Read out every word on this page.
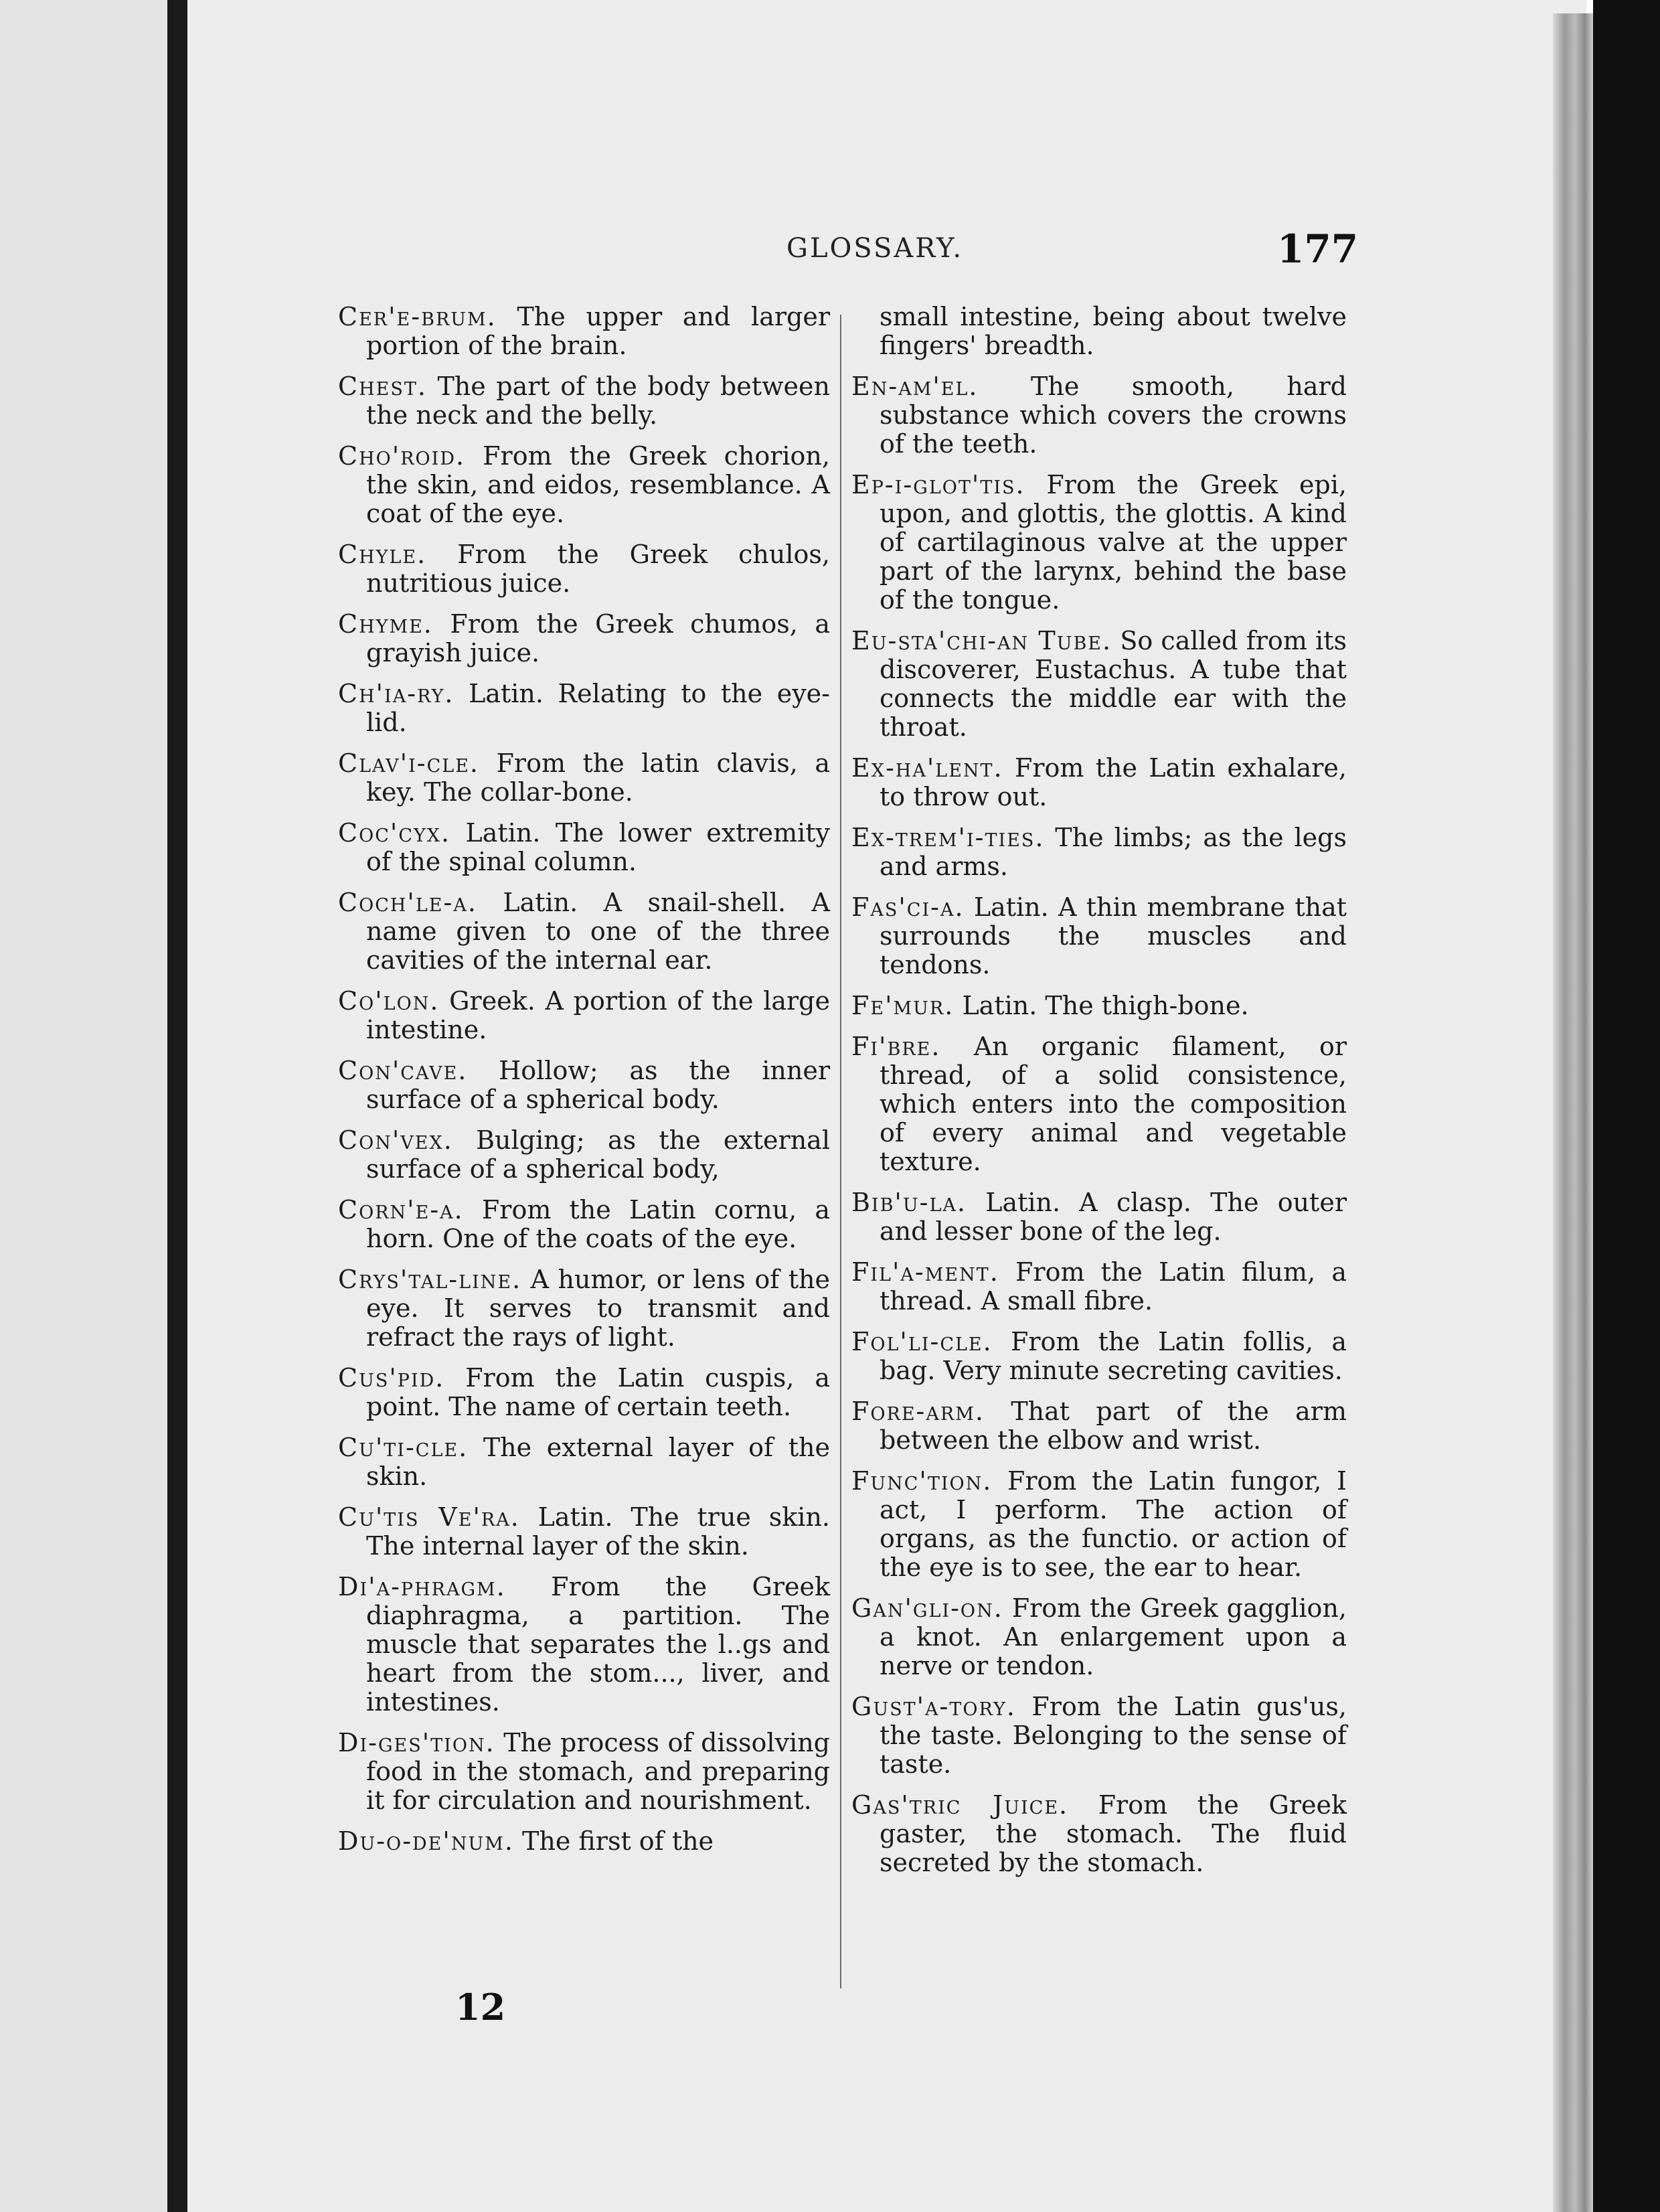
GLOSSARY.	177

Cer'e-brum. The upper and larger portion of the brain.

Chest. The part of the body between the neck and the belly.

Cho'roid. From the Greek chorion, the skin, and eidos, resemblance. A coat of the eye.

Chyle. From the Greek chulos, nutritious juice.

Chyme. From the Greek chumos, a grayish juice.

Ch'ia-ry. Latin. Relating to the eye-lid.

Clav'i-cle. From the latin clavis, a key. The collar-bone.

Coc'cyx. Latin. The lower extremity of the spinal column.

Coch'le-a. Latin. A snail-shell. A name given to one of the three cavities of the internal ear.

Co'lon. Greek. A portion of the large intestine.

Con'cave. Hollow; as the inner surface of a spherical body.

Con'vex. Bulging; as the external surface of a spherical body,

Corn'e-a. From the Latin cornu, a horn. One of the coats of the eye.

Crys'tal-line. A humor, or lens of the eye. It serves to transmit and refract the rays of light.

Cus'pid. From the Latin cuspis, a point. The name of certain teeth.

Cu'ti-cle. The external layer of the skin.

Cu'tis Ve'ra. Latin. The true skin. The internal layer of the skin.

Di'a-phragm. From the Greek diaphragma, a partition. The muscle that separates the l..gs and heart from the stom..., liver, and intestines.

Di-ges'tion. The process of dissolving food in the stomach, and preparing it for circulation and nourishment.

Du-o-de'num. The first of the

small intestine, being about twelve fingers' breadth.

En-am'el. The smooth, hard substance which covers the crowns of the teeth.

Ep-i-glot'tis. From the Greek epi, upon, and glottis, the glottis. A kind of cartilaginous valve at the upper part of the larynx, behind the base of the tongue.

Eu-sta'chi-an Tube. So called from its discoverer, Eustachus. A tube that connects the middle ear with the throat.

Ex-ha'lent. From the Latin exhalare, to throw out.

Ex-trem'i-ties. The limbs; as the legs and arms.

Fas'ci-a. Latin. A thin membrane that surrounds the muscles and tendons.

Fe'mur. Latin. The thigh-bone.

Fi'bre. An organic filament, or thread, of a solid consistence, which enters into the composition of every animal and vegetable texture.

Bib'u-la. Latin. A clasp. The outer and lesser bone of the leg.

Fil'a-ment. From the Latin filum, a thread. A small fibre.

Fol'li-cle. From the Latin follis, a bag. Very minute secreting cavities.

Fore-arm. That part of the arm between the elbow and wrist.

Func'tion. From the Latin fungor, I act, I perform. The action of organs, as the functio. or action of the eye is to see, the ear to hear.

Gan'gli-on. From the Greek gagglion, a knot. An enlargement upon a nerve or tendon.

Gust'a-tory. From the Latin gus'us, the taste. Belonging to the sense of taste.

Gas'tric Juice. From the Greek gaster, the stomach. The fluid secreted by the stomach.

12
